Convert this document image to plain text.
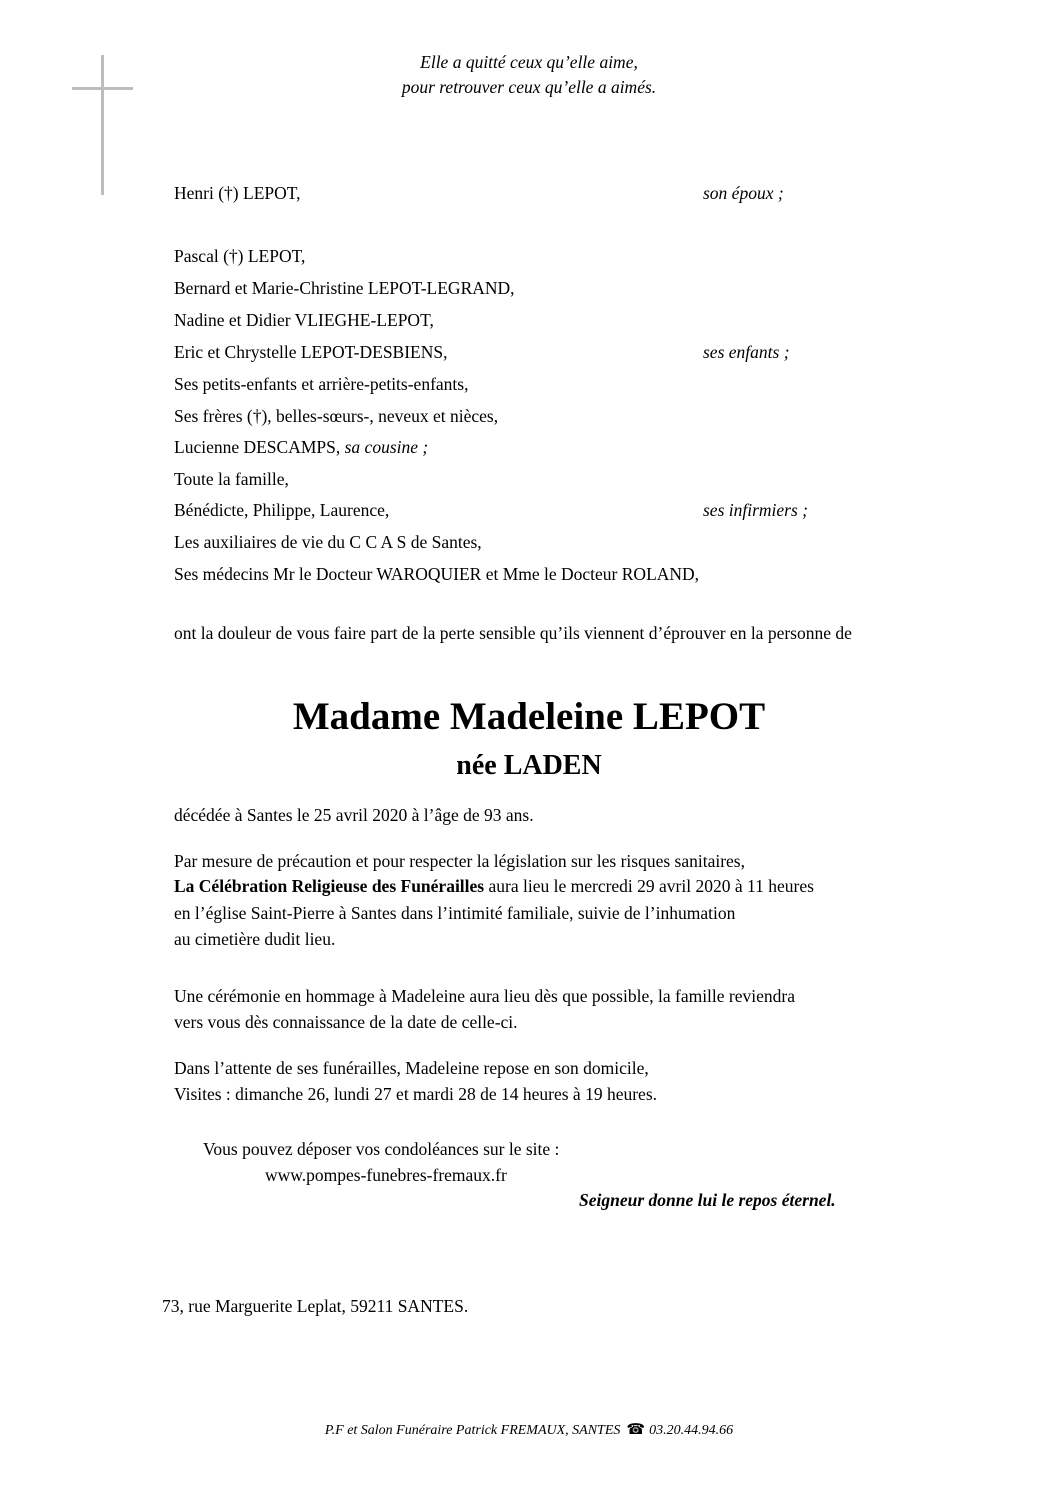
Elle a quitté ceux qu’elle aime,
pour retrouver ceux qu’elle a aimés.
Henri (†) LEPOT,	son époux ;
Pascal (†) LEPOT,
Bernard et Marie-Christine LEPOT-LEGRAND,
Nadine et Didier VLIEGHE-LEPOT,
Eric et Chrystelle LEPOT-DESBIENS,	ses enfants ;
Ses petits-enfants et arrière-petits-enfants,
Ses frères (†), belles-sœurs-, neveux et nièces,
Lucienne DESCAMPS, sa cousine ;
Toute la famille,
Bénédicte, Philippe, Laurence,	ses infirmiers ;
Les auxiliaires de vie du C C A S de Santes,
Ses médecins Mr le Docteur WAROQUIER et Mme le Docteur ROLAND,
ont la douleur de vous faire part de la perte sensible qu’ils viennent d’éprouver en la personne de
Madame Madeleine LEPOT
née LADEN
décédée à Santes le 25 avril 2020 à l’âge de 93 ans.
Par mesure de précaution et pour respecter la législation sur les risques sanitaires,
La Célébration Religieuse des Funérailles aura lieu le mercredi 29 avril 2020 à 11 heures
en l’église Saint-Pierre à Santes dans l’intimité familiale, suivie de l’inhumation
au cimetière dudit lieu.
Une cérémonie en hommage à Madeleine aura lieu dès que possible, la famille reviendra
vers vous dès connaissance de la date de celle-ci.
Dans l’attente de ses funérailles, Madeleine repose en son domicile,
Visites : dimanche 26, lundi 27 et mardi 28 de 14 heures à 19 heures.
Vous pouvez déposer vos condoléances sur le site :
www.pompes-funebres-fremaux.fr
Seigneur donne lui le repos éternel.
73, rue Marguerite Leplat, 59211 SANTES.
P.F et Salon Funéraire Patrick FREMAUX, SANTES ☎ 03.20.44.94.66
